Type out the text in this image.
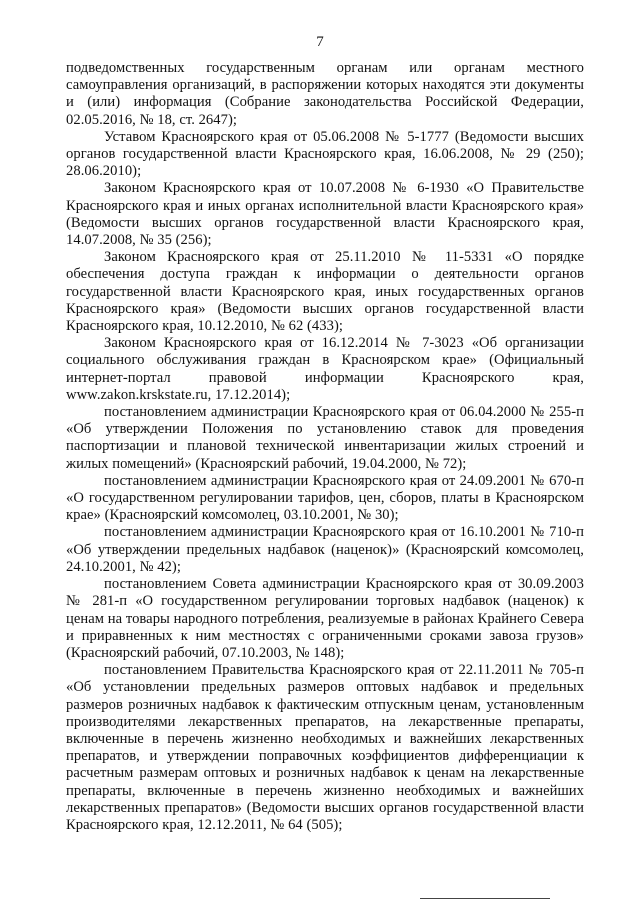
7

подведомственных государственным органам или органам местного самоуправления организаций, в распоряжении которых находятся эти документы и (или) информация (Собрание законодательства Российской Федерации, 02.05.2016, № 18, ст. 2647);

Уставом Красноярского края от 05.06.2008 № 5-1777 (Ведомости высших органов государственной власти Красноярского края, 16.06.2008, № 29 (250); 28.06.2010);

Законом Красноярского края от 10.07.2008 № 6-1930 «О Правительстве Красноярского края и иных органах исполнительной власти Красноярского края» (Ведомости высших органов государственной власти Красноярского края, 14.07.2008, № 35 (256);

Законом Красноярского края от 25.11.2010 № 11-5331 «О порядке обеспечения доступа граждан к информации о деятельности органов государственной власти Красноярского края, иных государственных органов Красноярского края» (Ведомости высших органов государственной власти Красноярского края, 10.12.2010, № 62 (433);

Законом Красноярского края от 16.12.2014 № 7-3023 «Об организации социального обслуживания граждан в Красноярском крае» (Официальный интернет-портал правовой информации Красноярского края, www.zakon.krskstate.ru, 17.12.2014);

постановлением администрации Красноярского края от 06.04.2000 № 255-п «Об утверждении Положения по установлению ставок для проведения паспортизации и плановой технической инвентаризации жилых строений и жилых помещений» (Красноярский рабочий, 19.04.2000, № 72);

постановлением администрации Красноярского края от 24.09.2001 № 670-п «О государственном регулировании тарифов, цен, сборов, платы в Красноярском крае» (Красноярский комсомолец, 03.10.2001, № 30);

постановлением администрации Красноярского края от 16.10.2001 № 710-п «Об утверждении предельных надбавок (наценок)» (Красноярский комсомолец, 24.10.2001, № 42);

постановлением Совета администрации Красноярского края от 30.09.2003 № 281-п «О государственном регулировании торговых надбавок (наценок) к ценам на товары народного потребления, реализуемые в районах Крайнего Севера и приравненных к ним местностях с ограниченными сроками завоза грузов» (Красноярский рабочий, 07.10.2003, № 148);

постановлением Правительства Красноярского края от 22.11.2011 № 705-п «Об установлении предельных размеров оптовых надбавок и предельных размеров розничных надбавок к фактическим отпускным ценам, установленным производителями лекарственных препаратов, на лекарственные препараты, включенные в перечень жизненно необходимых и важнейших лекарственных препаратов, и утверждении поправочных коэффициентов дифференциации к расчетным размерам оптовых и розничных надбавок к ценам на лекарственные препараты, включенные в перечень жизненно необходимых и важнейших лекарственных препаратов» (Ведомости высших органов государственной власти Красноярского края, 12.12.2011, № 64 (505);
